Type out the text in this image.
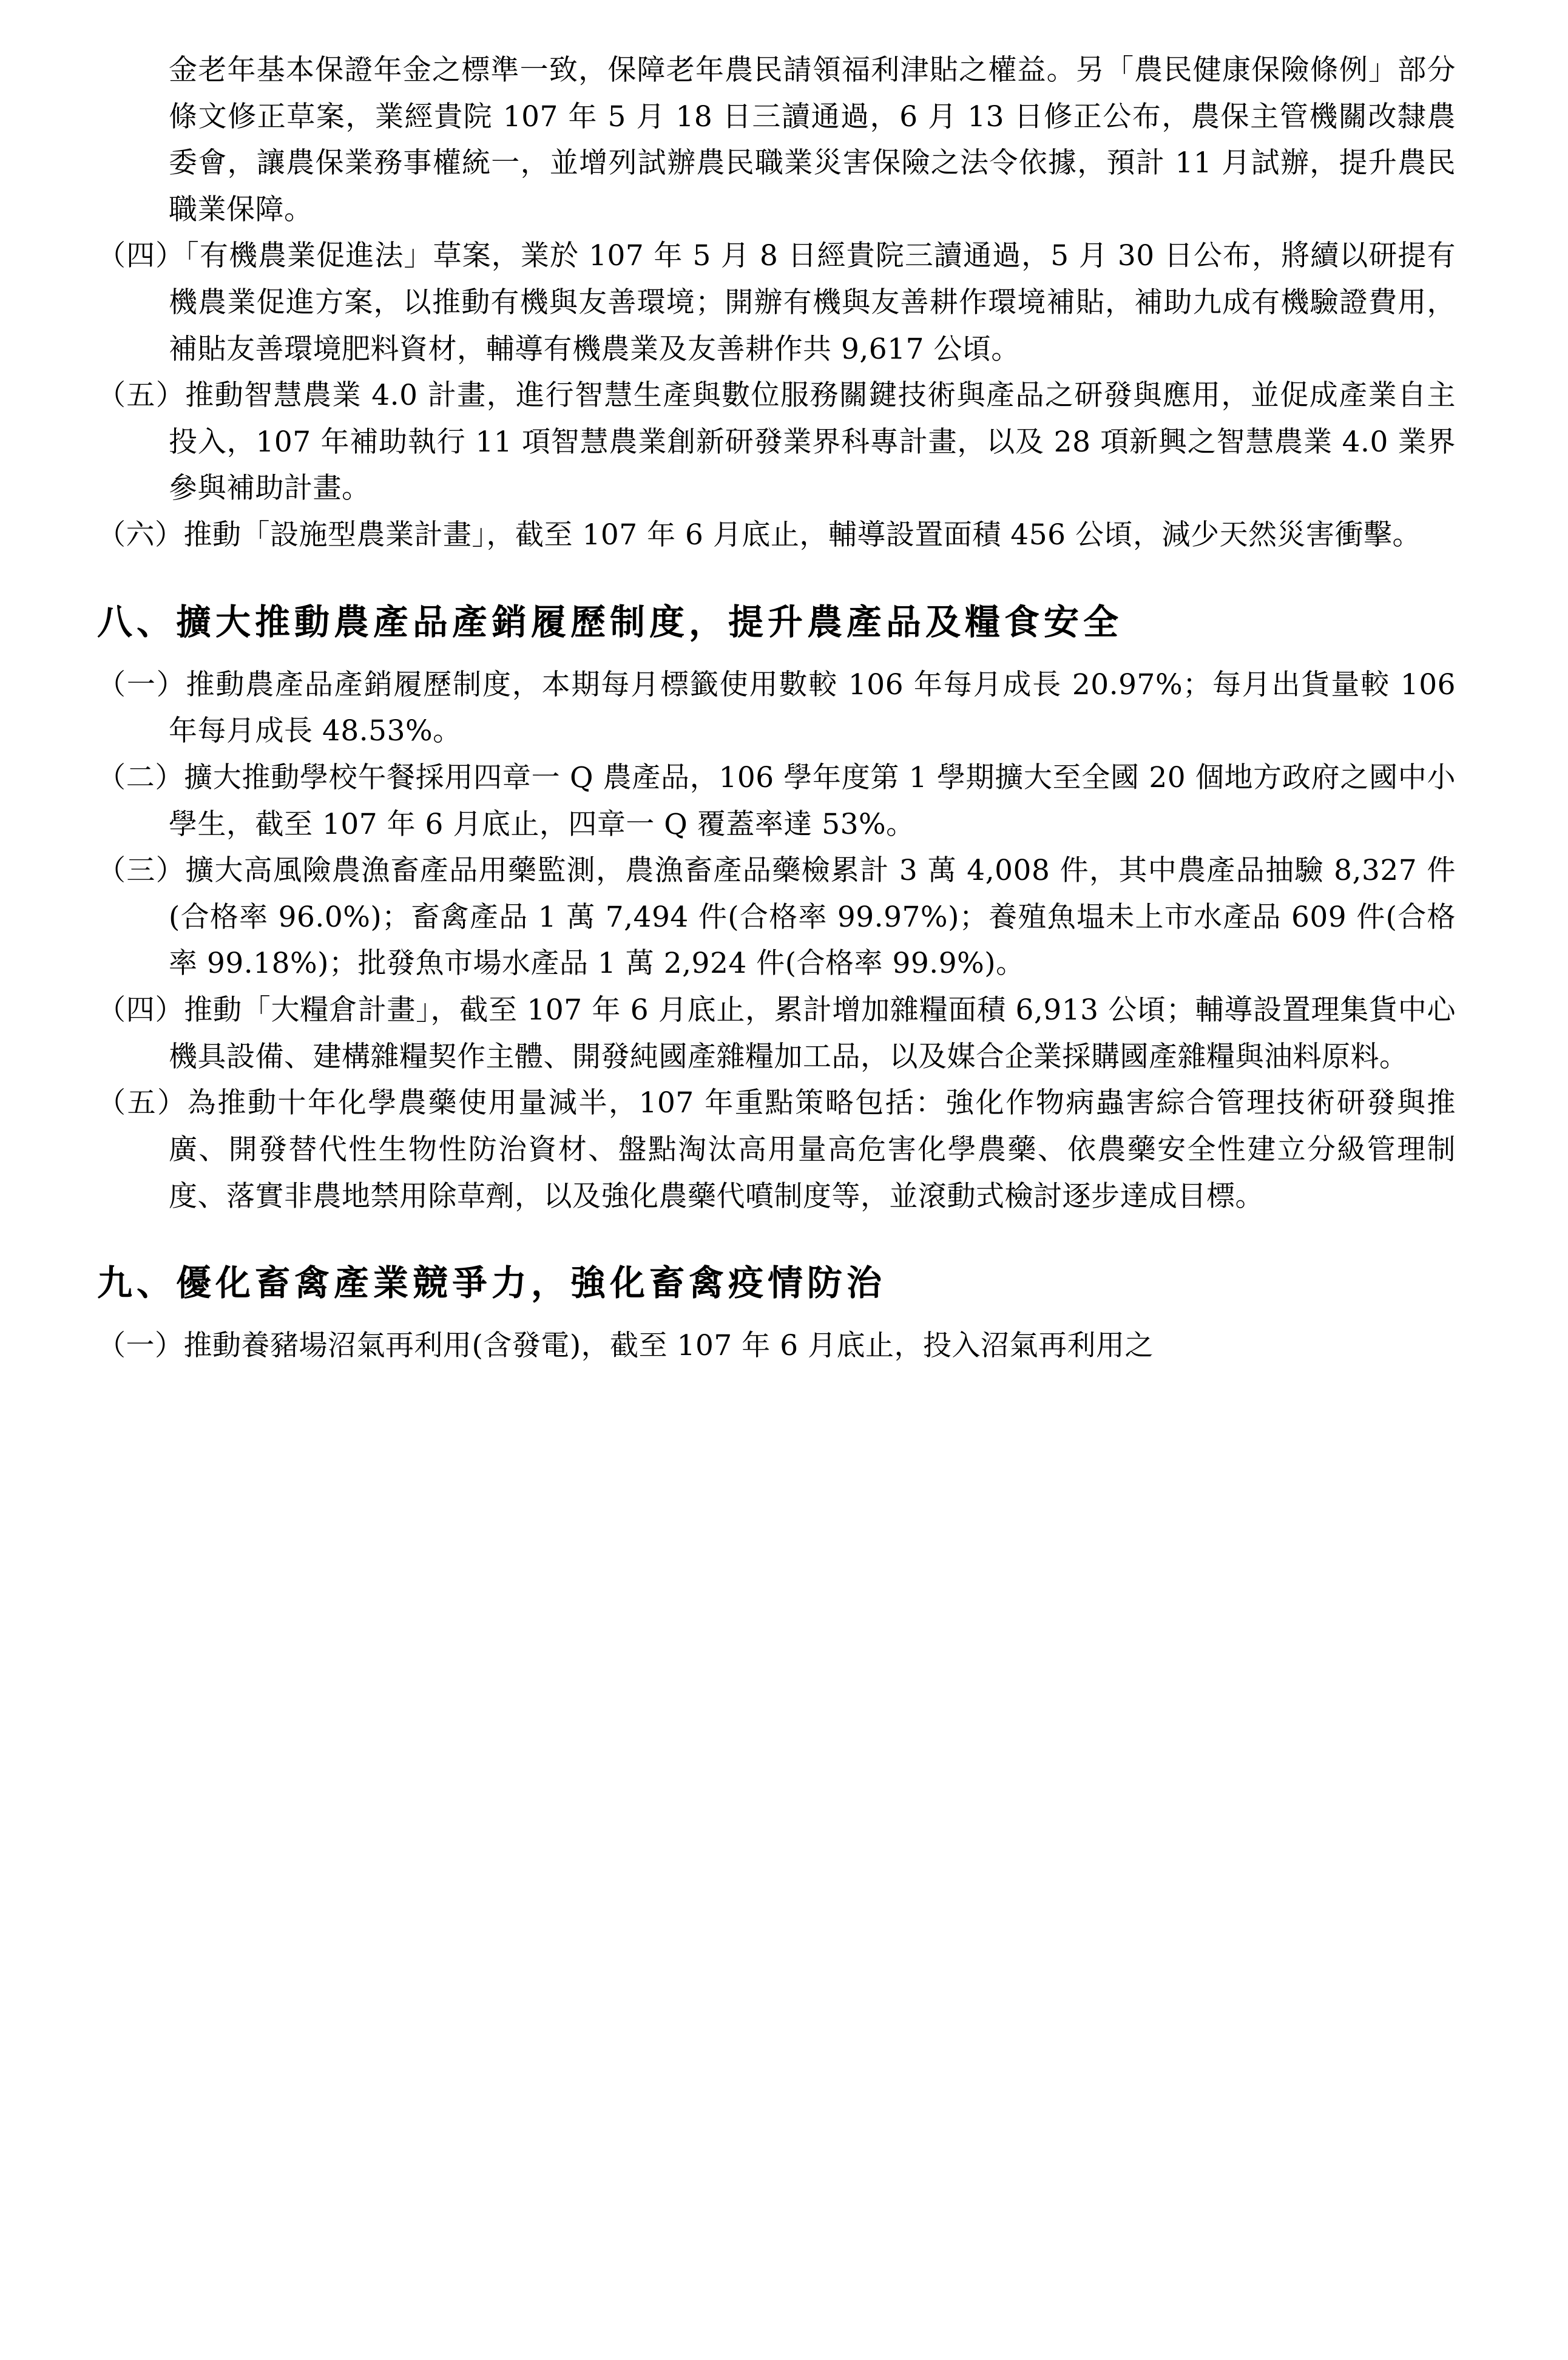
金老年基本保證年金之標準一致，保障老年農民請領福利津貼之權益。另「農民健康保險條例」部分條文修正草案，業經貴院 107 年 5 月 18 日三讀通過，6 月 13 日修正公布，農保主管機關改隸農委會，讓農保業務事權統一，並增列試辦農民職業災害保險之法令依據，預計 11 月試辦，提升農民職業保障。

（四）「有機農業促進法」草案，業於 107 年 5 月 8 日經貴院三讀通過，5 月 30 日公布，將續以研提有機農業促進方案，以推動有機與友善環境；開辦有機與友善耕作環境補貼，補助九成有機驗證費用，補貼友善環境肥料資材，輔導有機農業及友善耕作共 9,617 公頃。

（五）推動智慧農業 4.0 計畫，進行智慧生產與數位服務關鍵技術與產品之研發與應用，並促成產業自主投入，107 年補助執行 11 項智慧農業創新研發業界科專計畫，以及 28 項新興之智慧農業 4.0 業界參與補助計畫。

（六）推動「設施型農業計畫」，截至 107 年 6 月底止，輔導設置面積 456 公頃，減少天然災害衝擊。

八、擴大推動農產品產銷履歷制度，提升農產品及糧食安全

（一）推動農產品產銷履歷制度，本期每月標籤使用數較 106 年每月成長 20.97%；每月出貨量較 106 年每月成長 48.53%。

（二）擴大推動學校午餐採用四章一 Q 農產品，106 學年度第 1 學期擴大至全國 20 個地方政府之國中小學生，截至 107 年 6 月底止，四章一 Q 覆蓋率達 53%。

（三）擴大高風險農漁畜產品用藥監測，農漁畜產品藥檢累計 3 萬 4,008 件，其中農產品抽驗 8,327 件(合格率 96.0%)；畜禽產品 1 萬 7,494 件(合格率 99.97%)；養殖魚塭未上市水產品 609 件(合格率 99.18%)；批發魚市場水產品 1 萬 2,924 件(合格率 99.9%)。

（四）推動「大糧倉計畫」，截至 107 年 6 月底止，累計增加雜糧面積 6,913 公頃；輔導設置理集貨中心機具設備、建構雜糧契作主體、開發純國產雜糧加工品，以及媒合企業採購國產雜糧與油料原料。

（五）為推動十年化學農藥使用量減半，107 年重點策略包括：強化作物病蟲害綜合管理技術研發與推廣、開發替代性生物性防治資材、盤點淘汰高用量高危害化學農藥、依農藥安全性建立分級管理制度、落實非農地禁用除草劑，以及強化農藥代噴制度等，並滾動式檢討逐步達成目標。

九、優化畜禽產業競爭力，強化畜禽疫情防治

（一）推動養豬場沼氣再利用(含發電)，截至 107 年 6 月底止，投入沼氣再利用之
